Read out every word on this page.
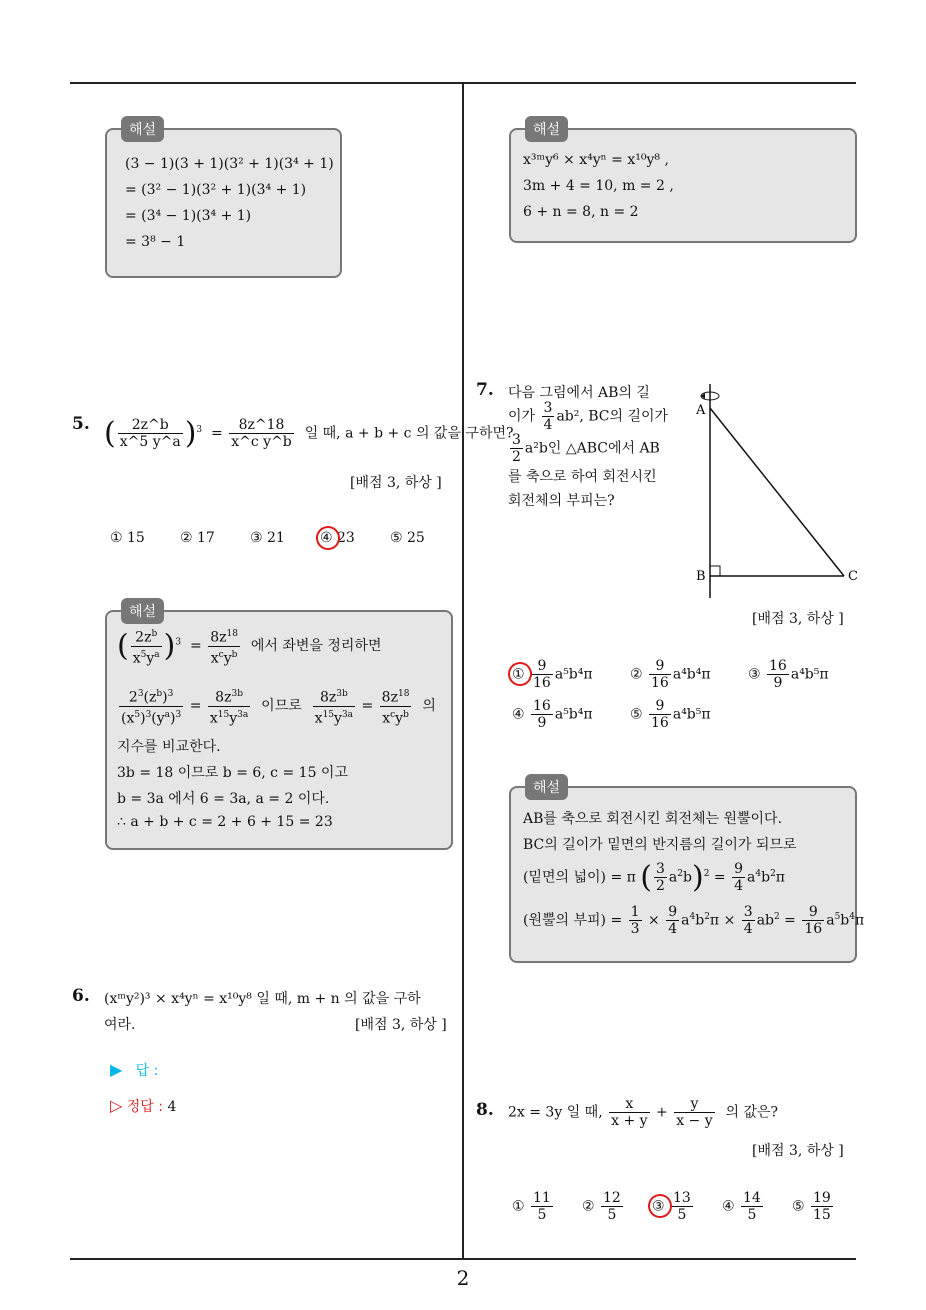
해설
(3 − 1)(3 + 1)(3² + 1)(3⁴ + 1)
= (3² − 1)(3² + 1)(3⁴ + 1)
= (3⁴ − 1)(3⁴ + 1)
= 3⁸ − 1
5. ( $\frac{2z\^{}b}{x\^{}5 y\^{}a} )^3 = \frac{8z\^{}18}{\text{x\textasciicircum{}c y\textasciicircum{}b}}$ 일 때, a + b + c 의 값을 구하면?
[배점 3, 하상 ]
① 15	② 17	③ 21	④ 23	⑤ 25
해설
( $\frac{2z^b}{x^5y^a} )^3 = \frac{8z^{18}}{x^cy^b}$ 에서 좌변을 정리하면
$\frac{2^3(z^b)^3}{(x^5)^3(y^a)^3} = \frac{8z^{3b}}{x^{15}y^{3a}}$ 이므로 $\frac{8z^{3b}}{x^{15}y^{3a}} = \frac{8z^{18}}{x^cy^b}$ 의
지수를 비교한다.
3b = 18 이므로 b = 6, c = 15 이고
b = 3a 에서 6 = 3a, a = 2 이다.
∴ a + b + c = 2 + 6 + 15 = 23
6. (xᵐy²)³ × x⁴yⁿ = x¹⁰y⁸ 일 때, m + n 의 값을 구하
여라.	[배점 3, 하상 ]
▶ 답 :
▷ 정답 : 4
해설
x³ᵐy⁶ × x⁴yⁿ = x¹⁰y⁸ ,
3m + 4 = 10, m = 2 ,
6 + n = 8, n = 2
7. 다음 그림에서 AB의 길
이가 $\frac{3}{4} ab^2$, BC의 길이가
$\frac{3}{2} a^2b$인 △ABC에서 AB
를 축으로 하여 회전시킨
회전체의 부피는?
A
B	C
[배점 3, 하상 ]
① $\frac{9}{16} a^5b^4\pi$	② $\frac{9}{16} a^4b^4\pi$	③ $\frac{16}{9} a^4b^5\pi$
④ $\frac{16}{9} a^5b^4\pi$	⑤ $\frac{9}{16} a^4b^5\pi$
해설
AB를 축으로 회전시킨 회전체는 원뿔이다.
BC의 길이가 밑면의 반지름의 길이가 되므로
(밑면의 넓이) = π ( $\frac{3}{2} a^2b)^2 = \frac{9}{4} a^4b^2\pi$
(원뿔의 부피) = $\frac{1}{3} \times \frac{9}{4} a^4b^2\pi \times \frac{3}{4} ab^2 = \frac{9}{16} a^5b^4\pi$
8. 2x = 3y 일 때, $\frac{x}{x + y} + \frac{y}{x - y}$ 의 값은?
[배점 3, 하상 ]
① $\frac{11}{5}$ ② $\frac{12}{5}$ ③ $\frac{13}{5}$ ④ $\frac{14}{5}$ ⑤ $\frac{19}{15}$
2
